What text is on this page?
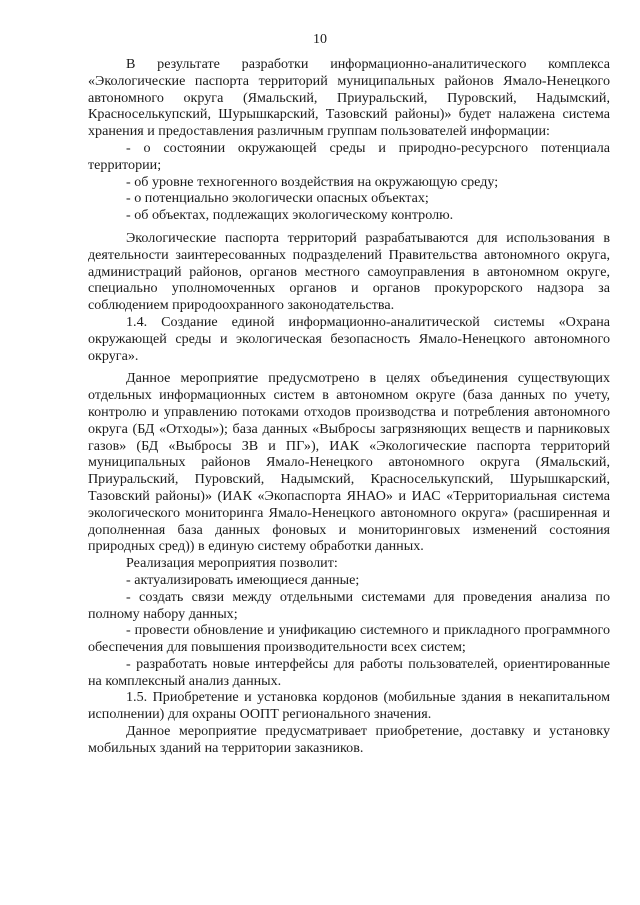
10

В результате разработки информационно-аналитического комплекса «Экологические паспорта территорий муниципальных районов Ямало-Ненецкого автономного округа (Ямальский, Приуральский, Пуровский, Надымский, Красноселькупский, Шурышкарский, Тазовский районы)» будет налажена система хранения и предоставления различным группам пользователей информации:

- о состоянии окружающей среды и природно-ресурсного потенциала территории;

- об уровне техногенного воздействия на окружающую среду;

- о потенциально экологически опасных объектах;

- об объектах, подлежащих экологическому контролю.

Экологические паспорта территорий разрабатываются для использования в деятельности заинтересованных подразделений Правительства автономного округа, администраций районов, органов местного самоуправления в автономном округе, специально уполномоченных органов и органов прокурорского надзора за соблюдением природоохранного законодательства.

1.4. Создание единой информационно-аналитической системы «Охрана окружающей среды и экологическая безопасность Ямало-Ненецкого автономного округа».

Данное мероприятие предусмотрено в целях объединения существующих отдельных информационных систем в автономном округе (база данных по учету, контролю и управлению потоками отходов производства и потребления автономного округа (БД «Отходы»); база данных «Выбросы загрязняющих веществ и парниковых газов» (БД «Выбросы ЗВ и ПГ»), ИАК «Экологические паспорта территорий муниципальных районов Ямало-Ненецкого автономного округа (Ямальский, Приуральский, Пуровский, Надымский, Красноселькупский, Шурышкарский, Тазовский районы)» (ИАК «Экопаспорта ЯНАО» и ИАС «Территориальная система экологического мониторинга Ямало-Ненецкого автономного округа» (расширенная и дополненная база данных фоновых и мониторинговых изменений состояния природных сред)) в единую систему обработки данных.

Реализация мероприятия позволит:

- актуализировать имеющиеся данные;

- создать связи между отдельными системами для проведения анализа по полному набору данных;

- провести обновление и унификацию системного и прикладного программного обеспечения для повышения производительности всех систем;

- разработать новые интерфейсы для работы пользователей, ориентированные на комплексный анализ данных.

1.5. Приобретение и установка кордонов (мобильные здания в некапитальном исполнении) для охраны ООПТ регионального значения.

Данное мероприятие предусматривает приобретение, доставку и установку мобильных зданий на территории заказников.
